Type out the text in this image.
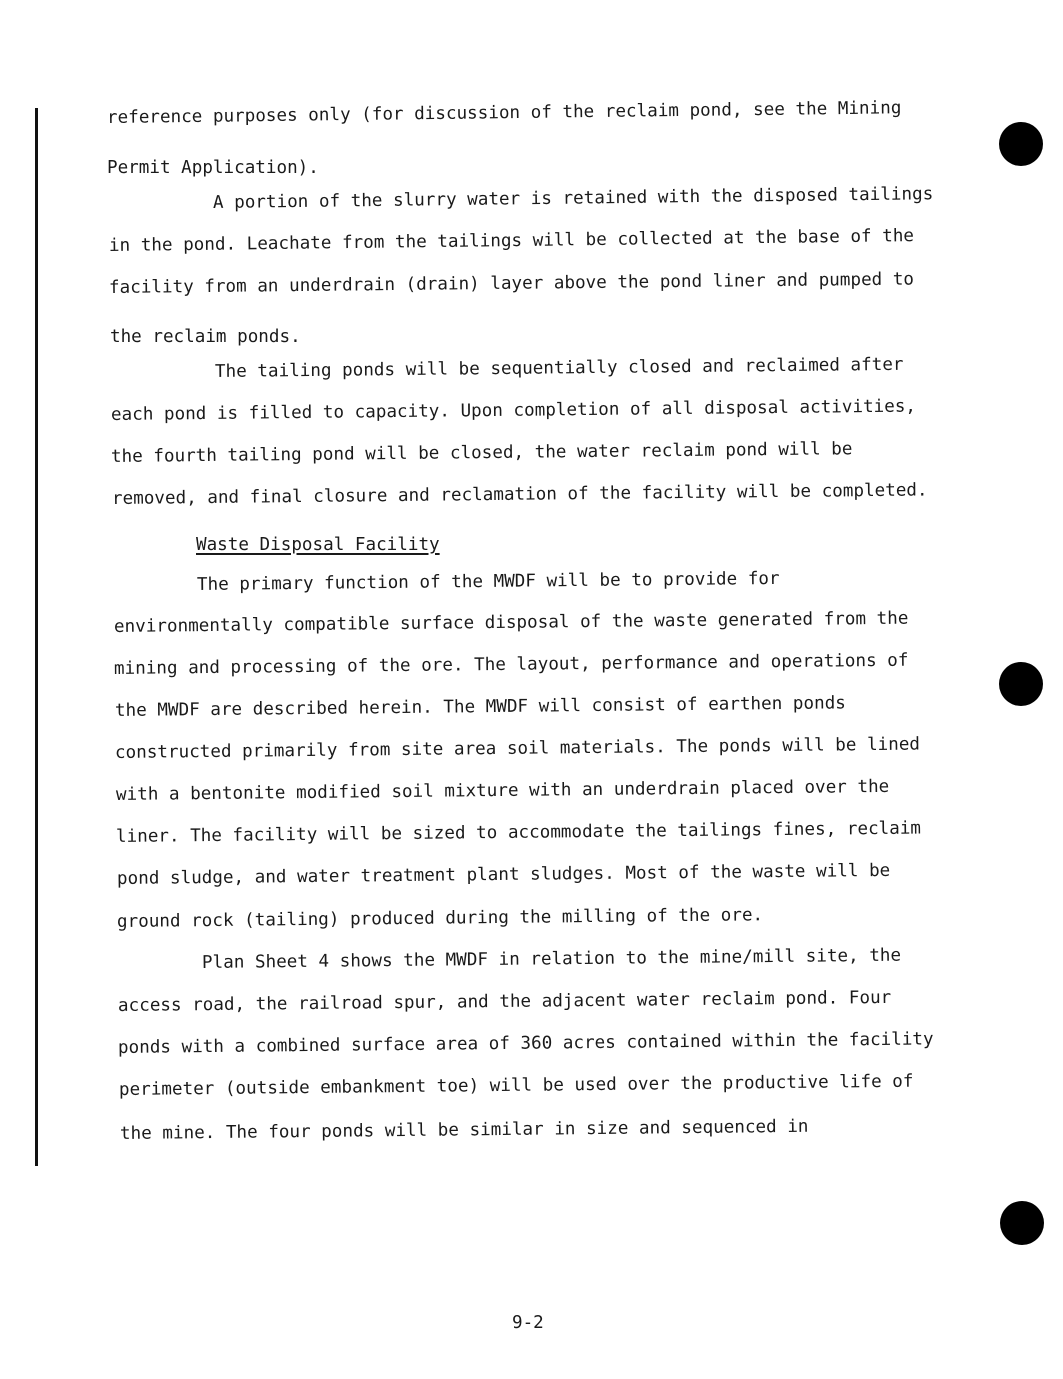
reference purposes only (for discussion of the reclaim pond, see the Mining
Permit Application).
A portion of the slurry water is retained with the disposed tailings
in the pond. Leachate from the tailings will be collected at the base of the
facility from an underdrain (drain) layer above the pond liner and pumped to
the reclaim ponds.
The tailing ponds will be sequentially closed and reclaimed after
each pond is filled to capacity. Upon completion of all disposal activities,
the fourth tailing pond will be closed, the water reclaim pond will be
removed, and final closure and reclamation of the facility will be completed.
Waste Disposal Facility
The primary function of the MWDF will be to provide for
environmentally compatible surface disposal of the waste generated from the
mining and processing of the ore. The layout, performance and operations of
the MWDF are described herein. The MWDF will consist of earthen ponds
constructed primarily from site area soil materials. The ponds will be lined
with a bentonite modified soil mixture with an underdrain placed over the
liner. The facility will be sized to accommodate the tailings fines, reclaim
pond sludge, and water treatment plant sludges. Most of the waste will be
ground rock (tailing) produced during the milling of the ore.
Plan Sheet 4 shows the MWDF in relation to the mine/mill site, the
access road, the railroad spur, and the adjacent water reclaim pond. Four
ponds with a combined surface area of 360 acres contained within the facility
perimeter (outside embankment toe) will be used over the productive life of
the mine. The four ponds will be similar in size and sequenced in
9-2
